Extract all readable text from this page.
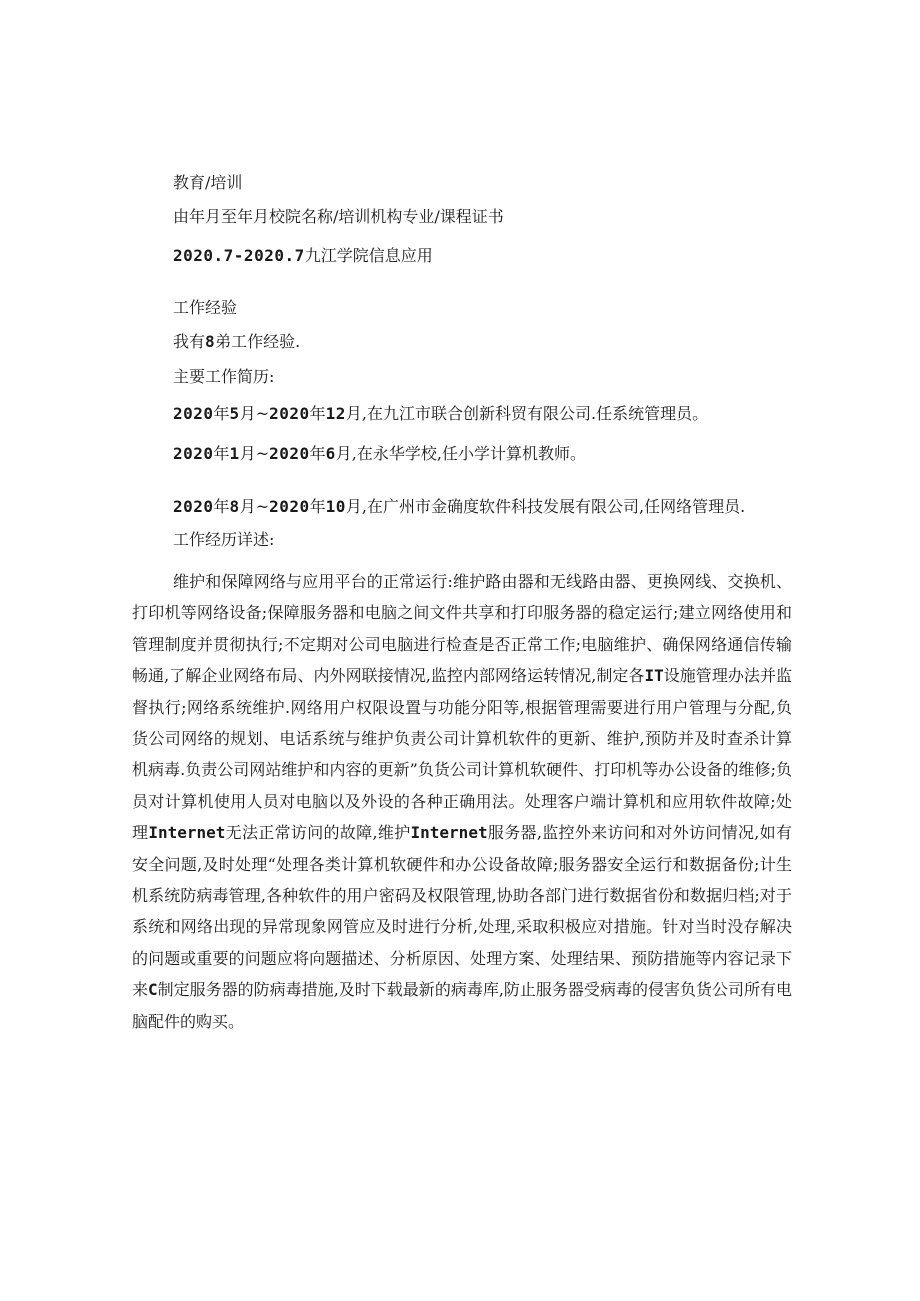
教育/培训
由年月至年月校院名称/培训机构专业/课程证书
2020.7-2020.7九江学院信息应用
工作经验
我有8弟工作经验.
主要工作简历:
2020年5月~2020年12月,在九江市联合创新科贸有限公司.任系统管理员。
2020年1月~2020年6月,在永华学校,任小学计算机教师。
2020年8月~2020年10月,在广州市金确度软件科技发展有限公司,任网络管理员.
工作经历详述:
维护和保障网络与应用平台的正常运行:维护路由器和无线路由器、更换网线、交换机、打印机等网络设备;保障服务器和电脑之间文件共享和打印服务器的稳定运行;建立网络使用和管理制度并贯彻执行;不定期对公司电脑进行检查是否正常工作;电脑维护、确保网络通信传输畅通,了解企业网络布局、内外网联接情况,监控内部网络运转情况,制定各IT设施管理办法并监督执行;网络系统维护.网络用户权限设置与功能分阳等,根据管理需要进行用户管理与分配,负货公司网络的规划、电话系统与维护负责公司计算机软件的更新、维护,预防并及时查杀计算机病毒.负责公司网站维护和内容的更新”负货公司计算机软硬件、打印机等办公设备的维修;负员对计算机使用人员对电脑以及外设的各种正确用法。处理客户端计算机和应用软件故障;处理Internet无法正常访问的故障,维护Internet服务器,监控外来访问和对外访问情况,如有安全问题,及时处理“处理各类计算机软硬件和办公设备故障;服务器安全运行和数据备份;计生机系统防病毒管理,各种软件的用户密码及权限管理,协助各部门进行数据省份和数据归档;对于系统和网络出现的异常现象网管应及时进行分析,处理,采取积极应对措施。针对当时没存解决的问题或重要的问题应将向题描述、分析原因、处理方案、处理结果、预防措施等内容记录下来C制定服务器的防病毒措施,及时下载最新的病毒库,防止服务器受病毒的侵害负货公司所有电脑配件的购买。
